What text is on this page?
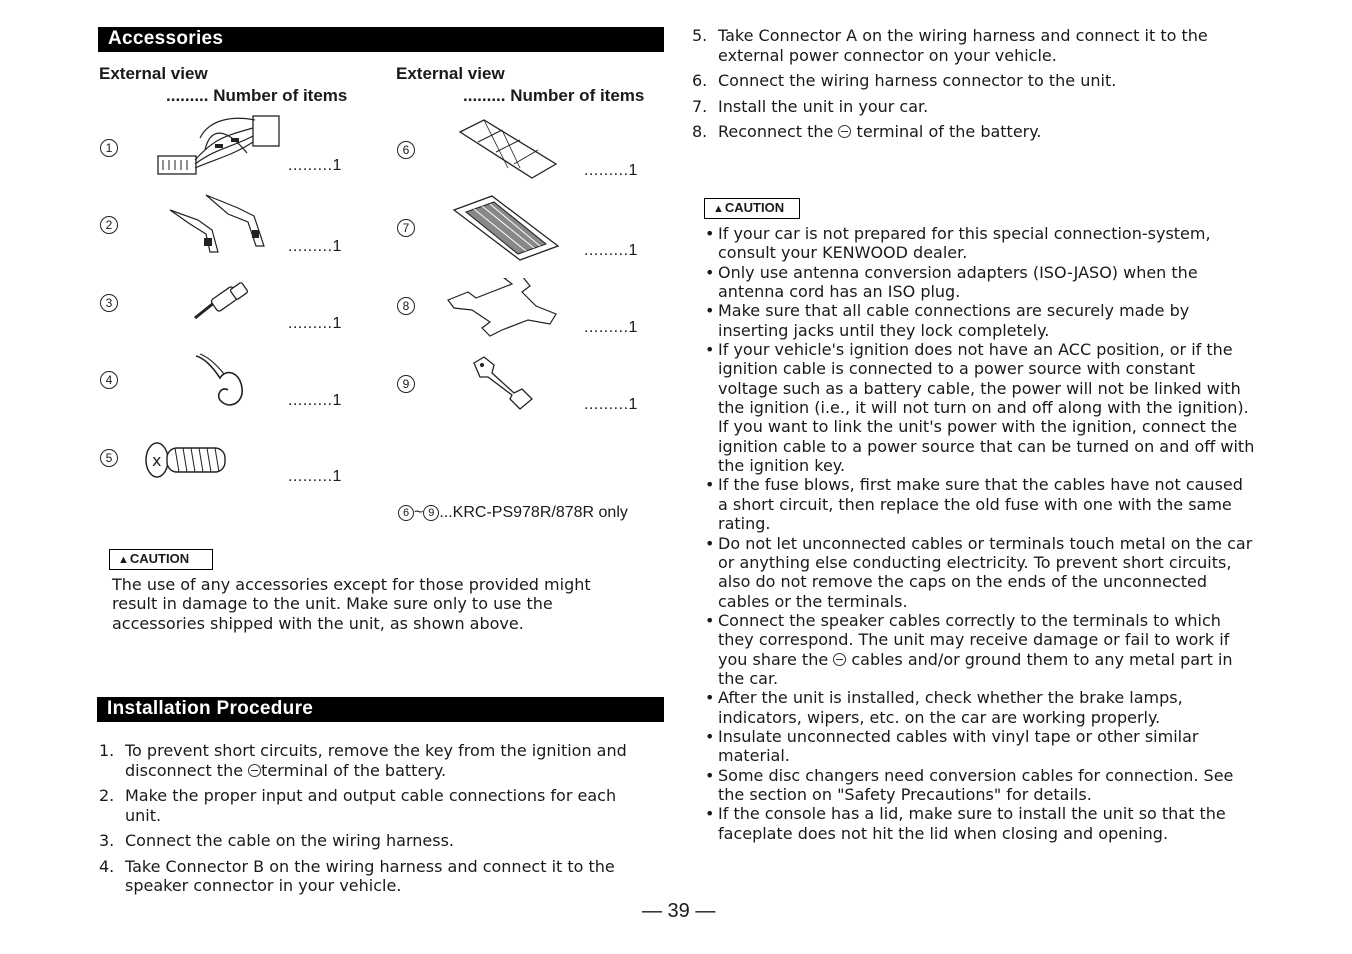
Accessories
External view
......... Number of items
External view
......... Number of items
1
.........1
2
.........1
3
.........1
4
.........1
5	x
.........1
6
.........1
7
.........1
8
.........1
9
.........1
6 ~ 9 ...KRC-PS978R/878R only
▲CAUTION
The use of any accessories except for those provided might result in damage to the unit. Make sure only to use the accessories shipped with the unit, as shown above.
Installation Procedure
1. To prevent short circuits, remove the key from the ignition and disconnect the terminal of the battery.
2. Make the proper input and output cable connections for each unit.
3. Connect the cable on the wiring harness.
4. Take Connector B on the wiring harness and connect it to the speaker connector in your vehicle.
5. Take Connector A on the wiring harness and connect it to the external power connector on your vehicle.
6. Connect the wiring harness connector to the unit.
7. Install the unit in your car.
8. Reconnect the  terminal of the battery.
▲CAUTION
• If your car is not prepared for this special connection-system, consult your KENWOOD dealer.
• Only use antenna conversion adapters (ISO-JASO) when the antenna cord has an ISO plug.
• Make sure that all cable connections are securely made by inserting jacks until they lock completely.
• If your vehicle's ignition does not have an ACC position, or if the ignition cable is connected to a power source with constant voltage such as a battery cable, the power will not be linked with the ignition (i.e., it will not turn on and off along with the ignition). If you want to link the unit's power with the ignition, connect the ignition cable to a power source that can be turned on and off with the ignition key.
• If the fuse blows, first make sure that the cables have not caused a short circuit, then replace the old fuse with one with the same rating.
• Do not let unconnected cables or terminals touch metal on the car or anything else conducting electricity. To prevent short circuits, also do not remove the caps on the ends of the unconnected cables or the terminals.
• Connect the speaker cables correctly to the terminals to which they correspond. The unit may receive damage or fail to work if you share the  cables and/or ground them to any metal part in the car.
• After the unit is installed, check whether the brake lamps, indicators, wipers, etc. on the car are working properly.
• Insulate unconnected cables with vinyl tape or other similar material.
• Some disc changers need conversion cables for connection. See the section on "Safety Precautions" for details.
• If the console has a lid, make sure to install the unit so that the faceplate does not hit the lid when closing and opening.
— 39 —
